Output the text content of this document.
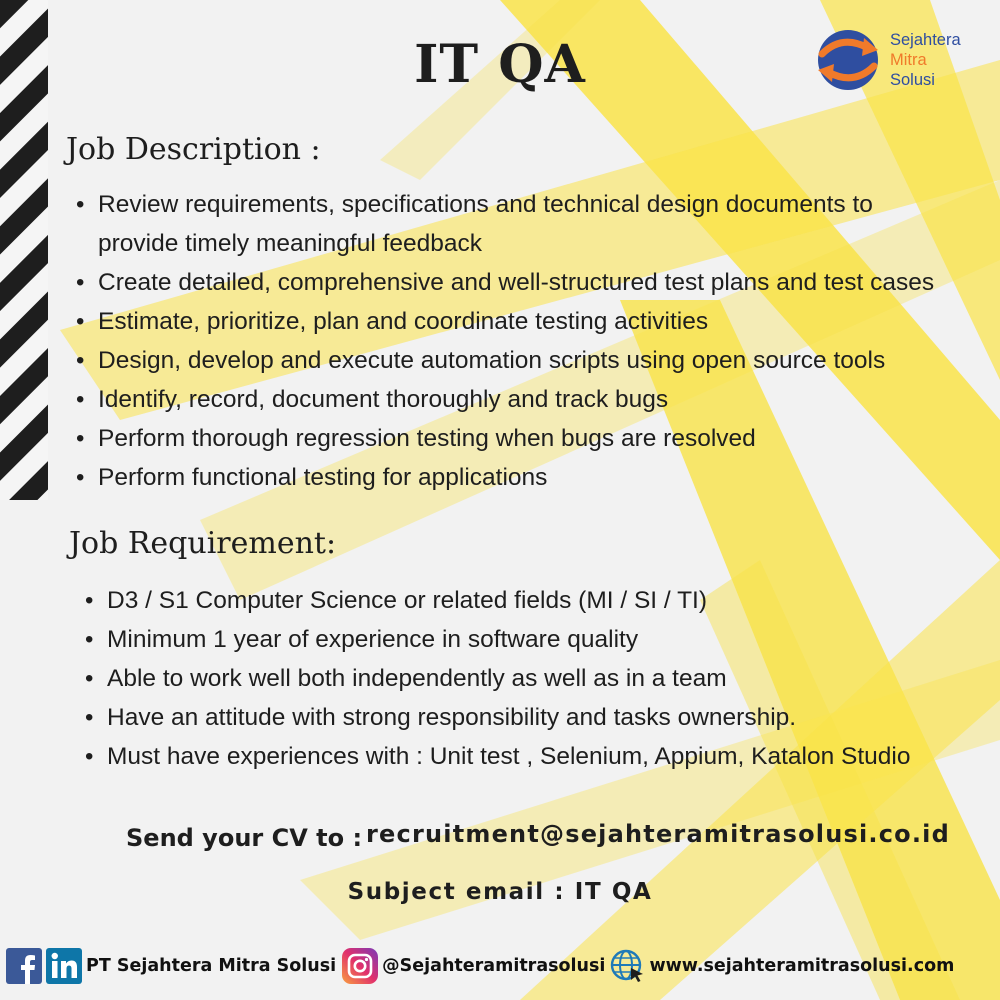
IT QA	Sejahtera
Mitra
Solusi
Job Description :
• Review requirements, specifications and technical design documents to
provide timely meaningful feedback
• Create detailed, comprehensive and well-structured test plans and test cases
• Estimate, prioritize, plan and coordinate testing activities
• Design, develop and execute automation scripts using open source tools
• Identify, record, document thoroughly and track bugs
• Perform thorough regression testing when bugs are resolved
• Perform functional testing for applications
Job Requirement:
• D3 / S1 Computer Science or related fields (MI / SI / TI)
• Minimum 1 year of experience in software quality
• Able to work well both independently as well as in a team
• Have an attitude with strong responsibility and tasks ownership.
• Must have experiences with : Unit test , Selenium, Appium, Katalon Studio
Send your CV to : recruitment@sejahteramitrasolusi.co.id
Subject email : IT QA
PT Sejahtera Mitra Solusi	@Sejahteramitrasolusi	www.sejahteramitrasolusi.com
